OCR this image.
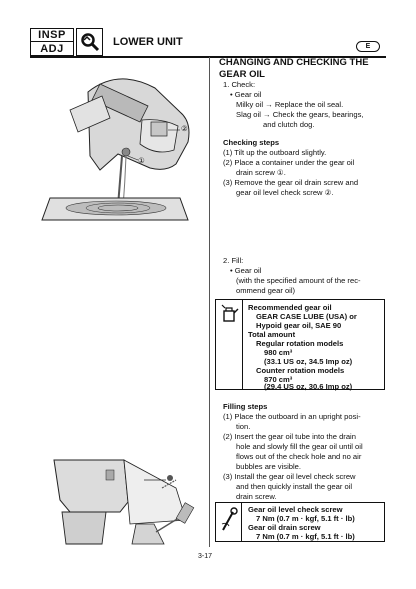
INSP
ADJ
LOWER UNIT	E
②
①
CHANGING AND CHECKING THE
GEAR OIL
1. Check:
• Gear oil
Milky oil → Replace the oil seal.
Slag oil → Check the gears, bearings,
and clutch dog.
Checking steps
(1) Tilt up the outboard slightly.
(2) Place a container under the gear oil
drain screw ①.
(3) Remove the gear oil drain screw and
gear oil level check screw ②.
2. Fill:
• Gear oil
(with the specified amount of the rec-
ommend gear oil)
Recommended gear oil
GEAR CASE LUBE (USA) or
Hypoid gear oil, SAE 90
Total amount
Regular rotation models
980 cm³
(33.1 US oz, 34.5 Imp oz)
Counter rotation models
870 cm³
(29.4 US oz, 30.6 Imp oz)
Filling steps
(1) Place the outboard in an upright posi-
tion.
(2) Insert the gear oil tube into the drain
hole and slowly fill the gear oil until oil
flows out of the check hole and no air
bubbles are visible.
(3) Install the gear oil level check screw
and then quickly install the gear oil
drain screw.
Gear oil level check screw
7 Nm (0.7 m · kgf, 5.1 ft · lb)
Gear oil drain screw
7 Nm (0.7 m · kgf, 5.1 ft · lb)
3-17
